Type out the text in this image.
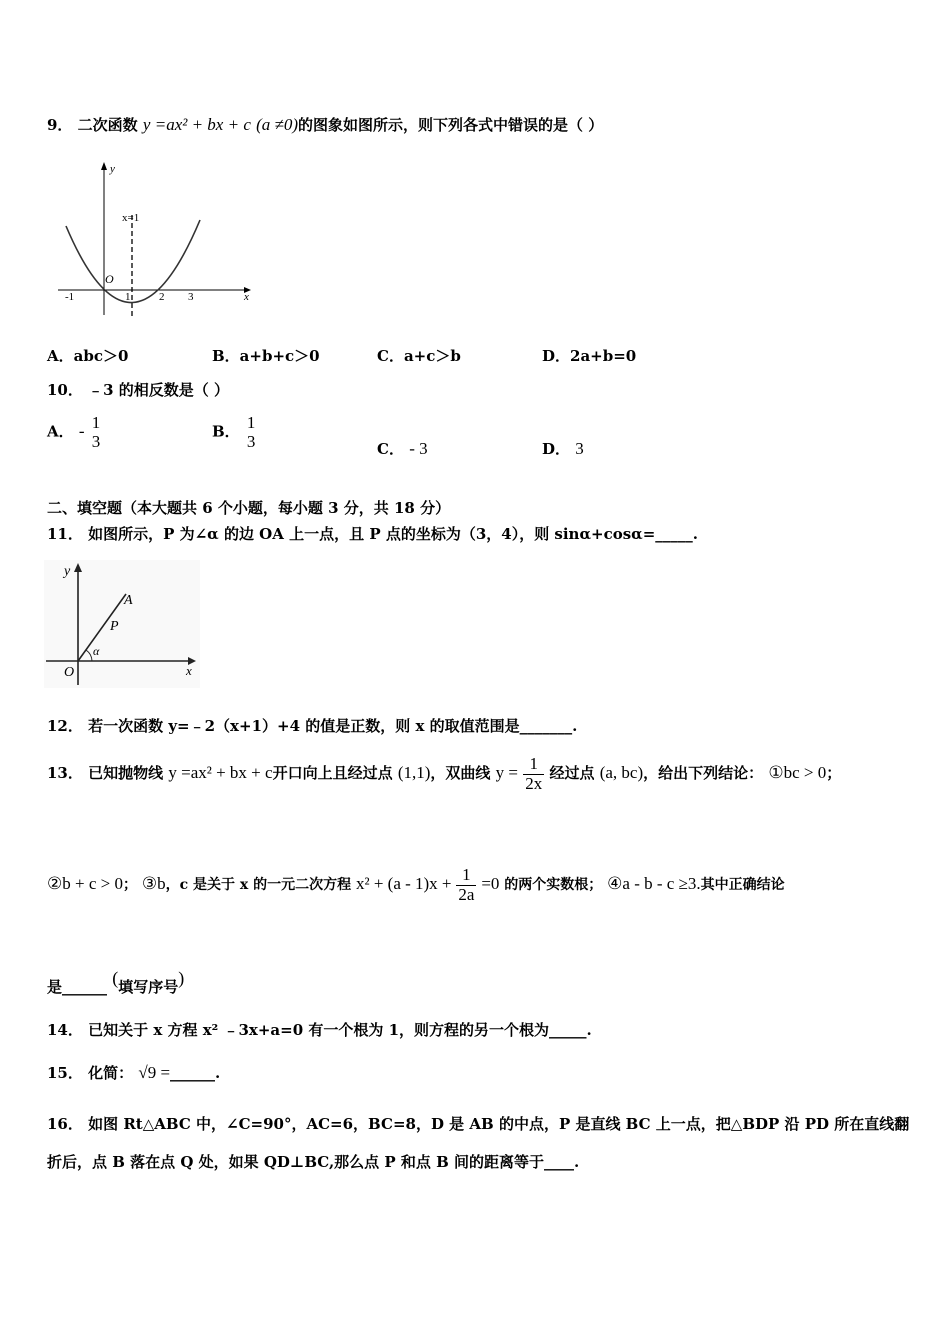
9． 二次函数 y =ax² + bx + c (a ≠0)的图象如图所示，则下列各式中错误的是（ ）
y
x
O
x=1
-1	1	2 3
A．abc＞0	B．a+b+c＞0	C．a+c＞b	D．2a+b=0
10． ﹣3 的相反数是（ ）
A． - 1
3	B． 1
3	C． - 3	D． 3
二、填空题（本大题共 6 个小题，每小题 3 分，共 18 分）
11． 如图所示，P 为∠α 的边 OA 上一点，且 P 点的坐标为（3，4），则 sinα+cosα=_____.
y
x
O
A
P
α
12． 若一次函数 y=﹣2（x+1）+4 的值是正数，则 x 的取值范围是_______.
13． 已知抛物线 y =ax² + bx + c开口向上且经过点 (1,1)，双曲线 $y = \frac{1}{2x}$ 经过点 (a, bc)，给出下列结论： ①bc > 0；
②b + c > 0； ③b，c 是关于 x 的一元二次方程 $x^2 + (a - 1)x + \frac{1}{2a} =0$ 的两个实数根； ④a - b - c ≥3.其中正确结论
是______ (填写序号)
14． 已知关于 x 方程 x² ﹣3x+a=0 有一个根为 1，则方程的另一个根为_____.
15． 化简： √9 =______.
16． 如图 Rt△ABC 中，∠C=90°，AC=6，BC=8，D 是 AB 的中点，P 是直线 BC 上一点，把△BDP 沿 PD 所在直线翻
折后，点 B 落在点 Q 处，如果 QD⊥BC,那么点 P 和点 B 间的距离等于____.
